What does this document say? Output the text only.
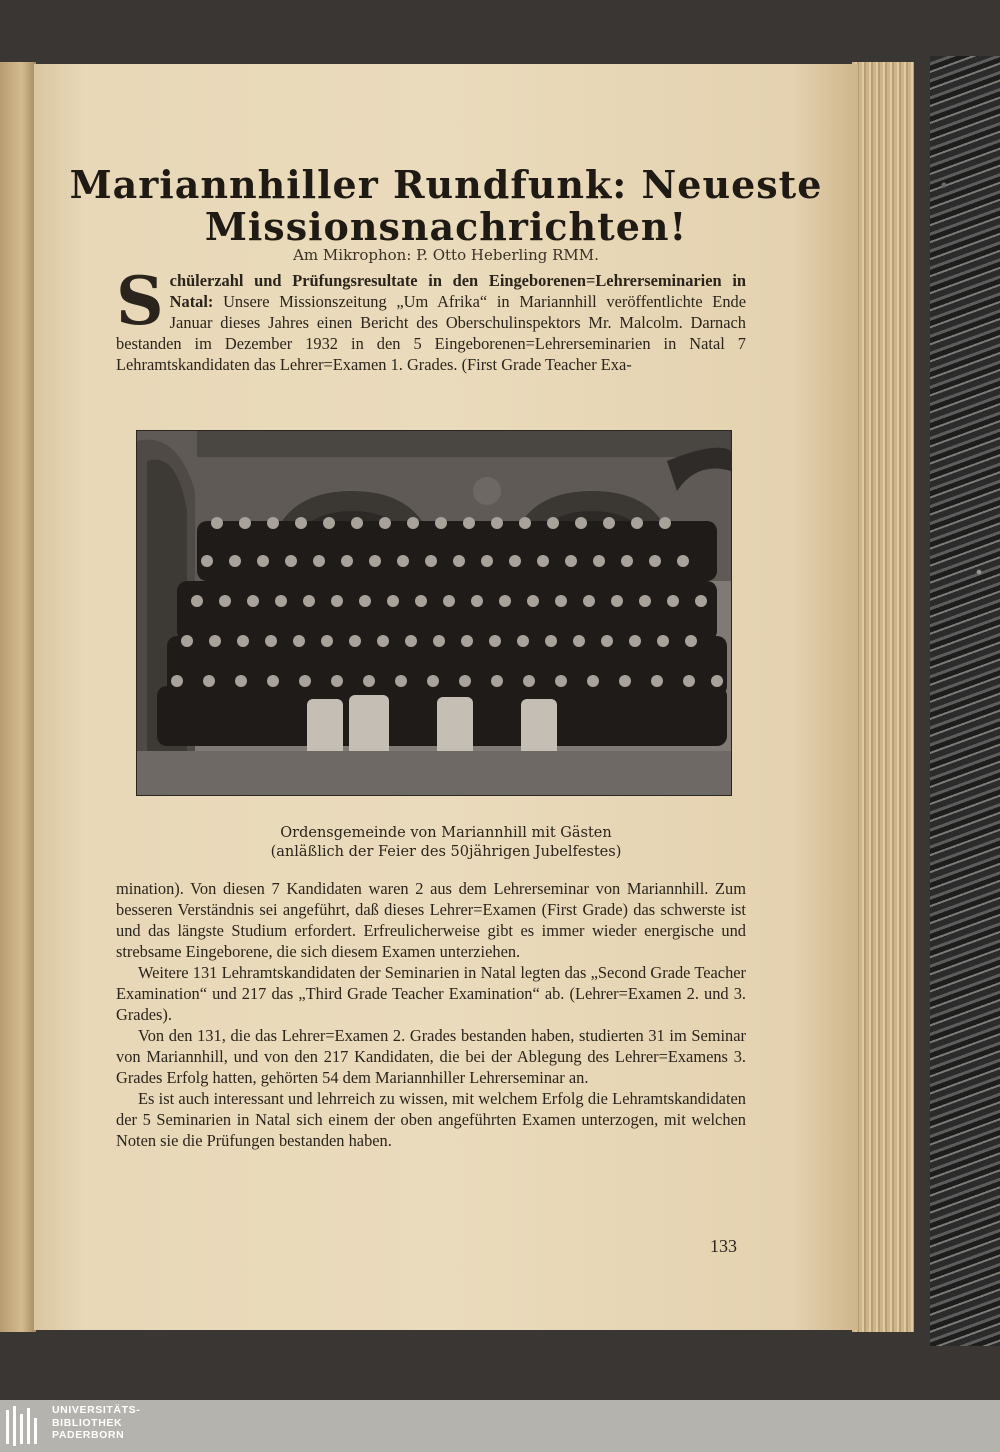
Mariannhiller Rundfunk: Neueste
Missionsnachrichten!

Am Mikrophon: P. Otto Heberling RMM.

Schülerzahl und Prüfungsresultate in den Eingeborenen=Lehrerseminarien in Natal: Unsere Missionszeitung „Um Afrika“ in Mariannhill veröffentlichte Ende Januar dieses Jahres einen Bericht des Oberschulinspektors Mr. Malcolm. Darnach bestanden im Dezember 1932 in den 5 Eingeborenen=Lehrerseminarien in Natal 7 Lehramtskandidaten das Lehrer=Examen 1. Grades. (First Grade Teacher Exa-

Ordensgemeinde von Mariannhill mit Gästen
(anläßlich der Feier des 50jährigen Jubelfestes)

mination). Von diesen 7 Kandidaten waren 2 aus dem Lehrerseminar von Mariannhill. Zum besseren Verständnis sei angeführt, daß dieses Lehrer=Examen (First Grade) das schwerste ist und das längste Studium erfordert. Erfreulicherweise gibt es immer wieder energische und strebsame Eingeborene, die sich diesem Examen unterziehen.

Weitere 131 Lehramtskandidaten der Seminarien in Natal legten das „Second Grade Teacher Examination“ und 217 das „Third Grade Teacher Examination“ ab. (Lehrer=Examen 2. und 3. Grades).

Von den 131, die das Lehrer=Examen 2. Grades bestanden haben, studierten 31 im Seminar von Mariannhill, und von den 217 Kandidaten, die bei der Ablegung des Lehrer=Examens 3. Grades Erfolg hatten, gehörten 54 dem Mariannhiller Lehrerseminar an.

Es ist auch interessant und lehrreich zu wissen, mit welchem Erfolg die Lehramtskandidaten der 5 Seminarien in Natal sich einem der oben angeführten Examen unterzogen, mit welchen Noten sie die Prüfungen bestanden haben.

133
UNIVERSITÄTS-
BIBLIOTHEK
PADERBORN
